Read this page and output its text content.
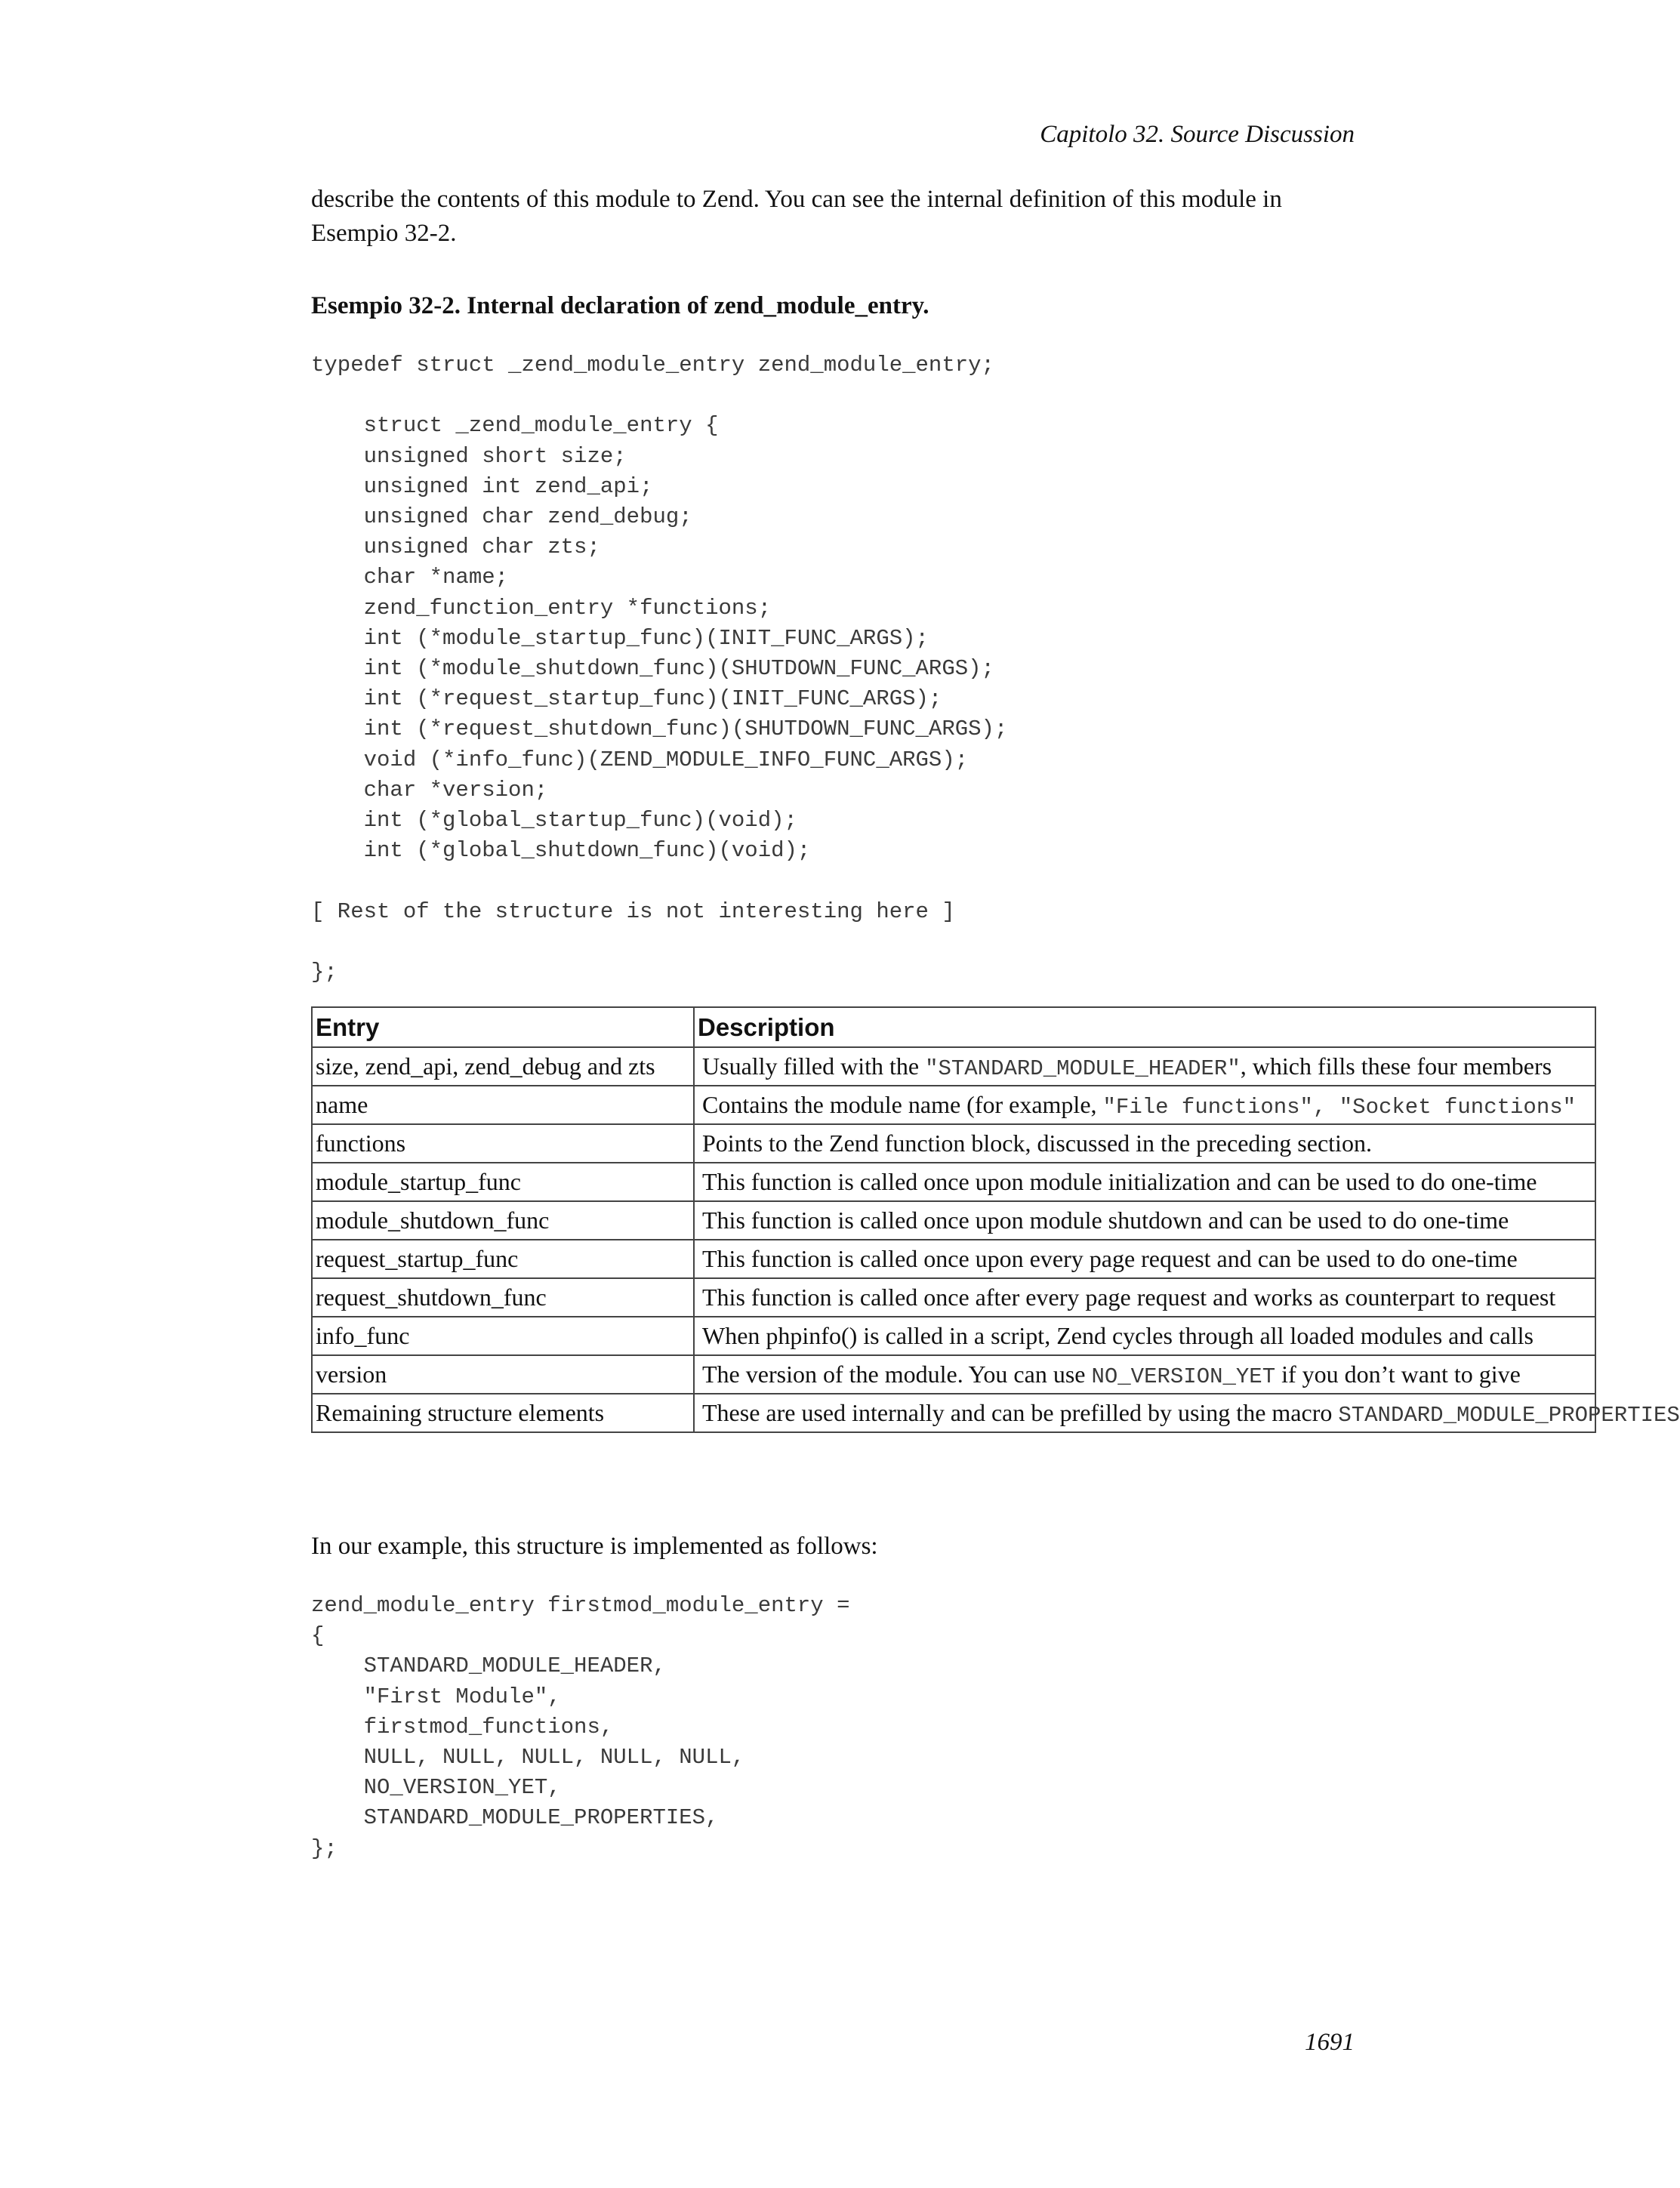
Capitolo 32. Source Discussion

describe the contents of this module to Zend. You can see the internal definition of this module in Esempio 32-2.

Esempio 32-2. Internal declaration of zend_module_entry.

typedef struct _zend_module_entry zend_module_entry;

struct _zend_module_entry {
unsigned short size;
unsigned int zend_api;
unsigned char zend_debug;
unsigned char zts;
char *name;
zend_function_entry *functions;
int (*module_startup_func)(INIT_FUNC_ARGS);
int (*module_shutdown_func)(SHUTDOWN_FUNC_ARGS);
int (*request_startup_func)(INIT_FUNC_ARGS);
int (*request_shutdown_func)(SHUTDOWN_FUNC_ARGS);
void (*info_func)(ZEND_MODULE_INFO_FUNC_ARGS);
char *version;
int (*global_startup_func)(void);
int (*global_shutdown_func)(void);

[ Rest of the structure is not interesting here ]

};
Entry	Description
size, zend_api, zend_debug and zts	Usually filled with the "STANDARD_MODULE_HEADER", which fills these four members
name	Contains the module name (for example, "File functions", "Socket functions"
functions	Points to the Zend function block, discussed in the preceding section.
module_startup_func	This function is called once upon module initialization and can be used to do one-time
module_shutdown_func	This function is called once upon module shutdown and can be used to do one-time
request_startup_func	This function is called once upon every page request and can be used to do one-time
request_shutdown_func	This function is called once after every page request and works as counterpart to request
info_func	When phpinfo() is called in a script, Zend cycles through all loaded modules and calls
version	The version of the module. You can use NO_VERSION_YET if you don’t want to give
Remaining structure elements	These are used internally and can be prefilled by using the macro STANDARD_MODULE_PROPERTIES

In our example, this structure is implemented as follows:

zend_module_entry firstmod_module_entry =
{
STANDARD_MODULE_HEADER,
"First Module",
firstmod_functions,
NULL, NULL, NULL, NULL, NULL,
NO_VERSION_YET,
STANDARD_MODULE_PROPERTIES,
};
1691
